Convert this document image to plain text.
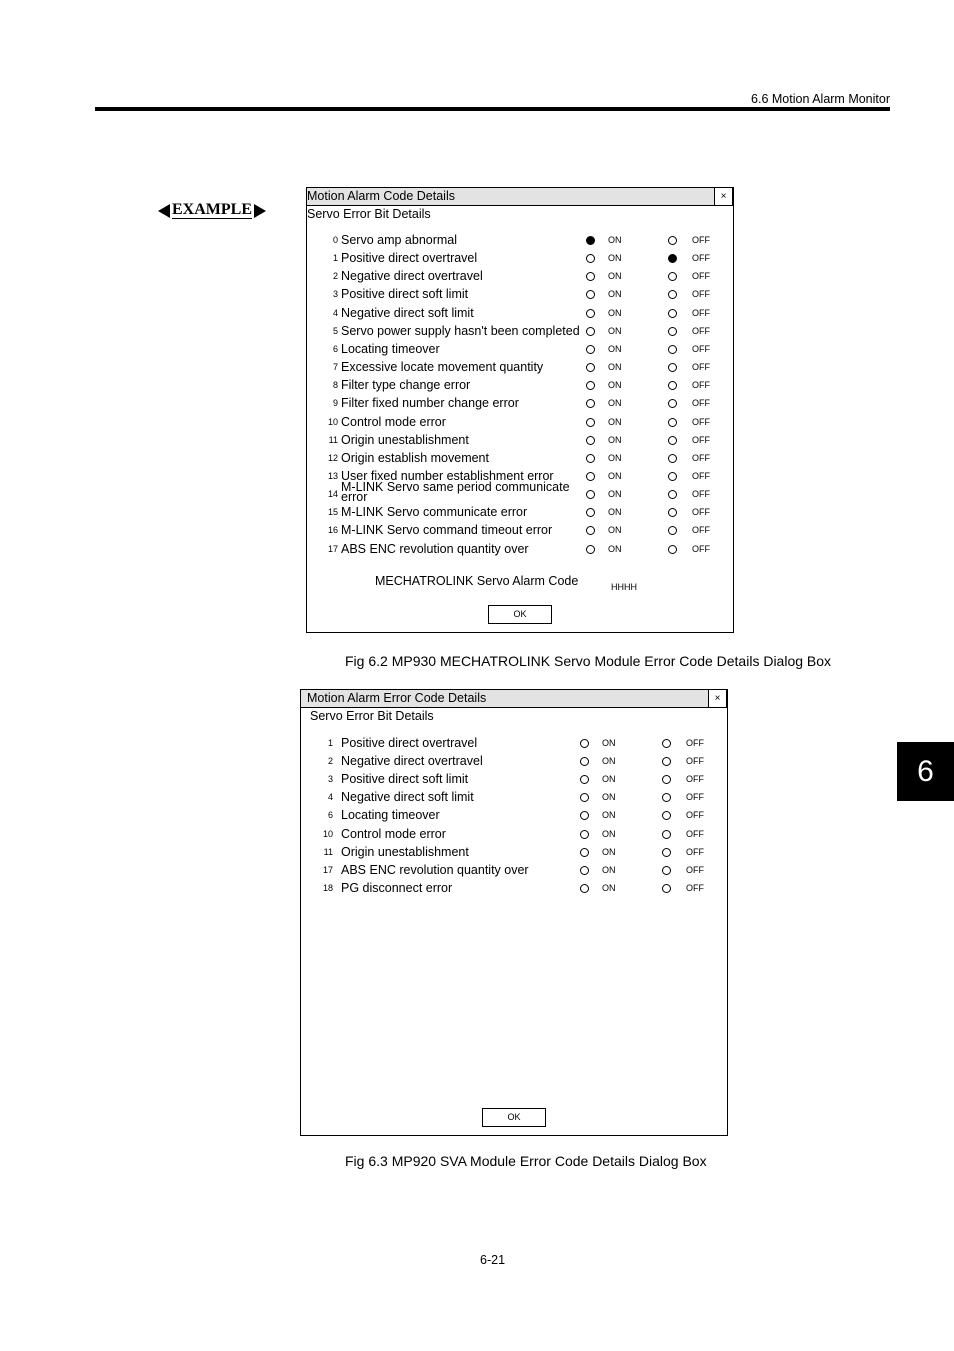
6.6 Motion Alarm Monitor
EXAMPLE
Motion Alarm Code Details	×
Servo Error Bit Details
0 Servo amp abnormal	ON	OFF
1 Positive direct overtravel	ON	OFF
2 Negative direct overtravel	ON	OFF
3 Positive direct soft limit	ON	OFF
4 Negative direct soft limit	ON	OFF
5 Servo power supply hasn't been completed	ON	OFF
6 Locating timeover	ON	OFF
7 Excessive locate movement quantity	ON	OFF
8 Filter type change error	ON	OFF
9 Filter fixed number change error	ON	OFF
10 Control mode error	ON	OFF
11 Origin unestablishment	ON	OFF
12 Origin establish movement	ON	OFF
13 User fixed number establishment error	ON	OFF
14 M-LINK Servo same period communicate
error	ON	OFF
15 M-LINK Servo communicate error	ON	OFF
16 M-LINK Servo command timeout error	ON	OFF
17 ABS ENC revolution quantity over	ON	OFF
MECHATROLINK Servo Alarm Code	HHHH
OK
Fig 6.2 MP930 MECHATROLINK Servo Module Error Code Details Dialog Box
Motion Alarm Error Code Details	×
Servo Error Bit Details
1 Positive direct overtravel	ON	OFF
2 Negative direct overtravel	ON	OFF
3 Positive direct soft limit	ON	OFF
4 Negative direct soft limit	ON	OFF
6 Locating timeover	ON	OFF
10 Control mode error	ON	OFF
11 Origin unestablishment	ON	OFF
17 ABS ENC revolution quantity over	ON	OFF
18 PG disconnect error	ON	OFF
OK
Fig 6.3 MP920 SVA Module Error Code Details Dialog Box
6
6-21
